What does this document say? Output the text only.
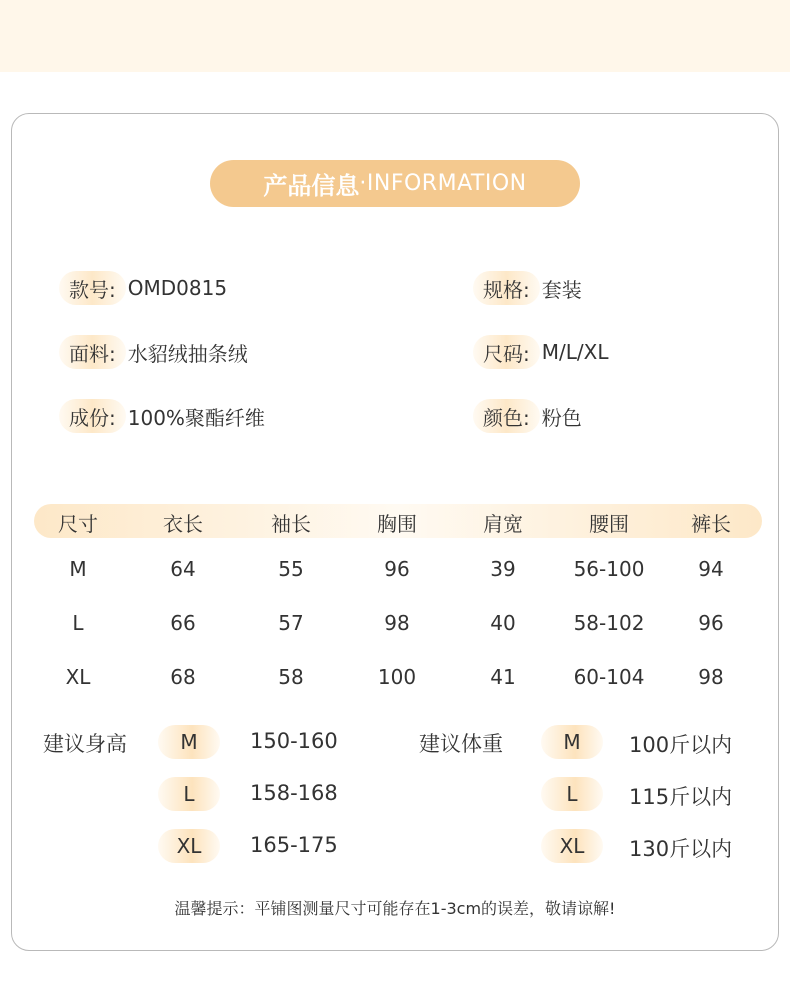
产品信息 ·INFORMATION
款号: OMD0815	规格: 套装
面料: 水貂绒抽条绒	尺码: M/L/XL
成份: 100%聚酯纤维	颜色: 粉色
尺寸	衣长	袖长	胸围	肩宽	腰围	裤长
M	64	55	96	39	56-100	94
L	66	57	98	40	58-102	96
XL	68	58	100	41	60-104	98
建议身高	M	150-160
L	158-168
XL	165-175
建议体重	M	100斤以内
L	115斤以内
XL	130斤以内
温馨提示：平铺图测量尺寸可能存在1-3cm的误差，敬请谅解!
